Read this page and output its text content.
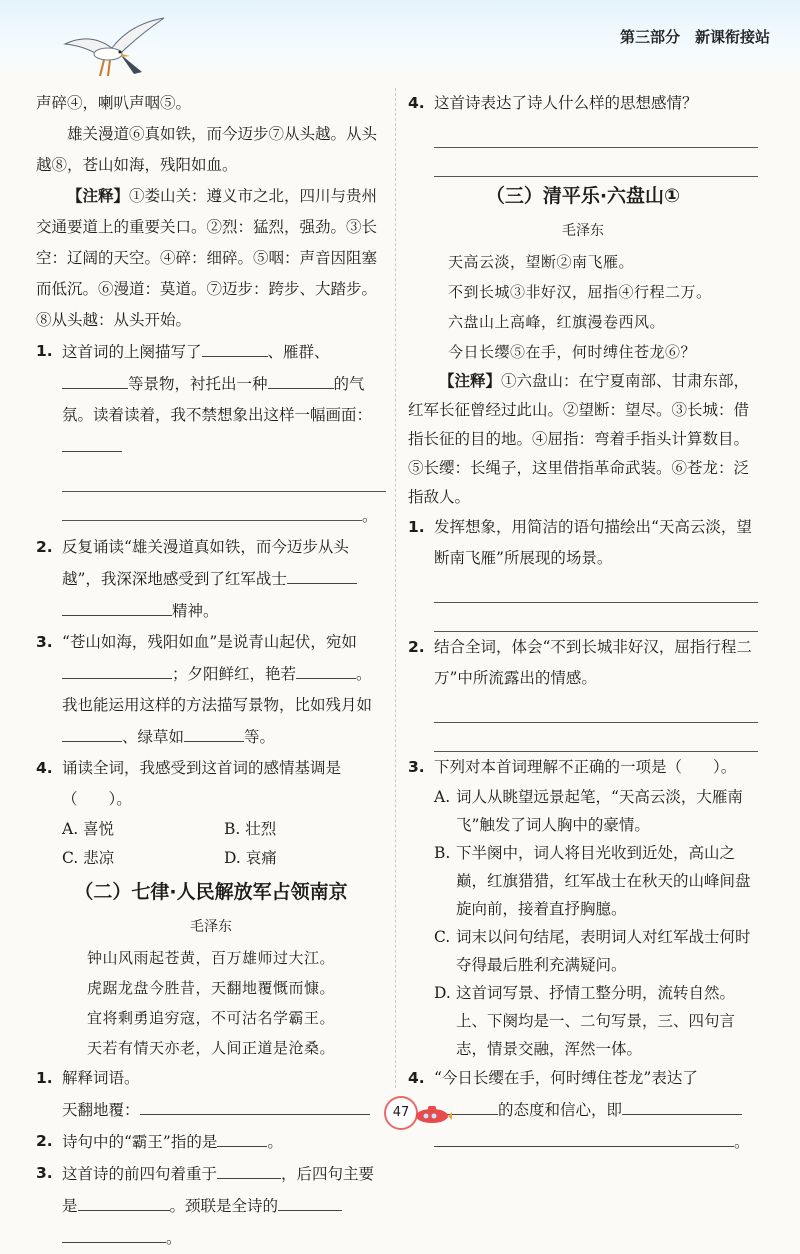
第三部分　新课衔接站

声碎④，喇叭声咽⑤。

雄关漫道⑥真如铁，而今迈步⑦从头越。从头越⑧，苍山如海，残阳如血。

【注释】①娄山关：遵义市之北，四川与贵州交通要道上的重要关口。②烈：猛烈，强劲。③长空：辽阔的天空。④碎：细碎。⑤咽：声音因阻塞而低沉。⑥漫道：莫道。⑦迈步：跨步、大踏步。⑧从头越：从头开始。

1. 这首词的上阕描写了	、雁群、等景物，衬托出一种	的气氛。读着读着，我不禁想象出这样一幅画面：
。
2. 反复诵读“雄关漫道真如铁，而今迈步从头越”，我深深地感受到了红军战士
精神。
3. “苍山如海，残阳如血”是说青山起伏，宛如
；夕阳鲜红，艳若	。我也能运用这样的方法描写景物，比如残月如、绿草如	等。
4. 诵读全词，我感受到这首词的感情基调是（　　）。
A. 喜悦	B. 壮烈
C. 悲凉	D. 哀痛
（二）七律·人民解放军占领南京
毛泽东
钟山风雨起苍黄，百万雄师过大江。
虎踞龙盘今胜昔，天翻地覆慨而慷。
宜将剩勇追穷寇，不可沽名学霸王。
天若有情天亦老，人间正道是沧桑。
1. 解释词语。
天翻地覆：
2. 诗句中的“霸王”指的是	。
3. 这首诗的前四句着重于	，后四句主要是	。颈联是全诗的
。
4. 这首诗表达了诗人什么样的思想感情？
（三）清平乐·六盘山①
毛泽东
天高云淡，望断②南飞雁。
不到长城③非好汉，屈指④行程二万。
六盘山上高峰，红旗漫卷西风。
今日长缨⑤在手，何时缚住苍龙⑥？

【注释】①六盘山：在宁夏南部、甘肃东部，红军长征曾经过此山。②望断：望尽。③长城：借指长征的目的地。④屈指：弯着手指头计算数目。⑤长缨：长绳子，这里借指革命武装。⑥苍龙：泛指敌人。

1. 发挥想象，用简洁的语句描绘出“天高云淡，望断南飞雁”所展现的场景。
2. 结合全词，体会“不到长城非好汉，屈指行程二万”中所流露出的情感。
3. 下列对本首词理解不正确的一项是（　　）。
A. 词人从眺望远景起笔，“天高云淡，大雁南飞”触发了词人胸中的豪情。
B. 下半阕中，词人将目光收到近处，高山之巅，红旗猎猎，红军战士在秋天的山峰间盘旋向前，接着直抒胸臆。
C. 词末以问句结尾，表明词人对红军战士何时夺得最后胜利充满疑问。
D. 这首词写景、抒情工整分明，流转自然。上、下阕均是一、二句写景，三、四句言志，情景交融，浑然一体。
4. “今日长缨在手，何时缚住苍龙”表达了
的态度和信心，即
。
47
